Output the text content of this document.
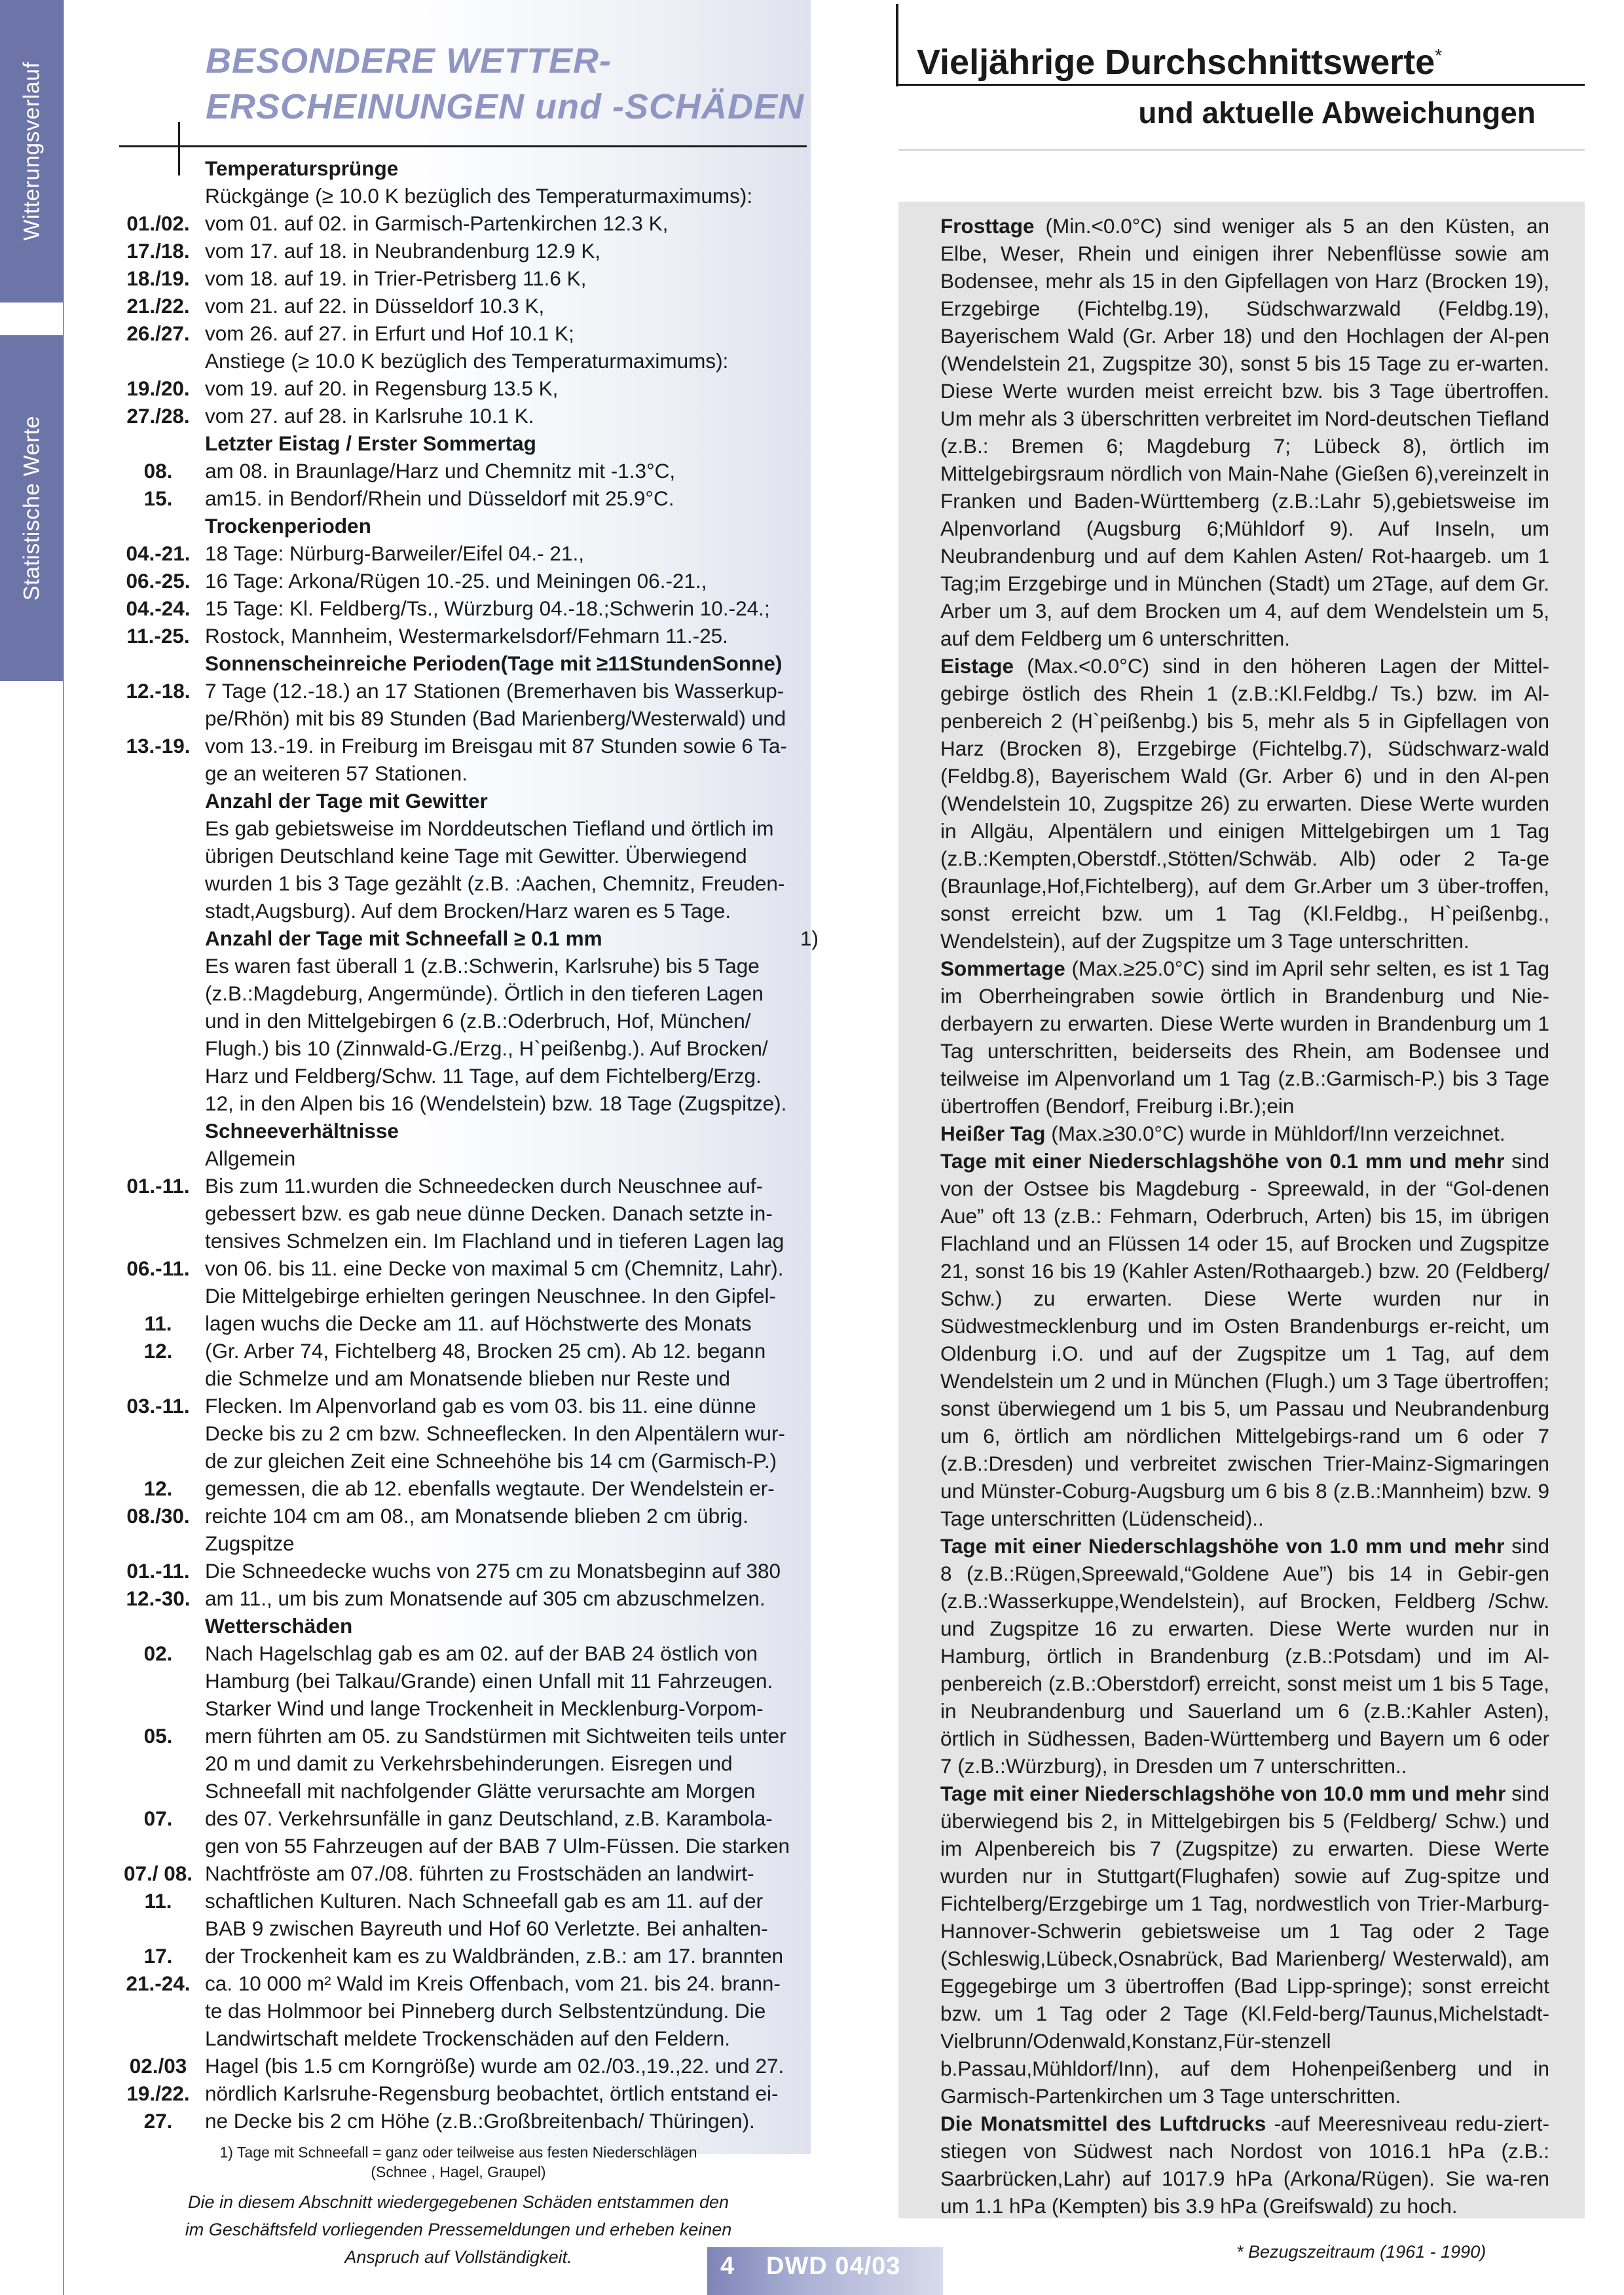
Witterungsverlauf
Statistische Werte
BESONDERE WETTER-
ERSCHEINUNGEN und -SCHÄDEN
Temperatursprünge
Rückgänge (≥ 10.0 K bezüglich des Temperaturmaximums):
01./02. vom 01. auf 02. in Garmisch-Partenkirchen 12.3 K,
17./18. vom 17. auf 18. in Neubrandenburg 12.9 K,
18./19. vom 18. auf 19. in Trier-Petrisberg 11.6 K,
21./22. vom 21. auf 22. in Düsseldorf 10.3 K,
26./27. vom 26. auf 27. in Erfurt und Hof 10.1 K;
Anstiege (≥ 10.0 K bezüglich des Temperaturmaximums):
19./20. vom 19. auf 20. in Regensburg 13.5 K,
27./28. vom 27. auf 28. in Karlsruhe 10.1 K.
Letzter Eistag / Erster Sommertag
08.	am 08. in Braunlage/Harz und Chemnitz mit -1.3°C,
15.	am15. in Bendorf/Rhein und Düsseldorf mit 25.9°C.
Trockenperioden
04.-21. 18 Tage: Nürburg-Barweiler/Eifel 04.- 21.,
06.-25. 16 Tage: Arkona/Rügen 10.-25. und Meiningen 06.-21.,
04.-24. 15 Tage: Kl. Feldberg/Ts., Würzburg 04.-18.;Schwerin 10.-24.;
11.-25. Rostock, Mannheim, Westermarkelsdorf/Fehmarn 11.-25.
Sonnenscheinreiche Perioden(Tage mit ≥11StundenSonne)
12.-18. 7 Tage (12.-18.) an 17 Stationen (Bremerhaven bis Wasserkup-
pe/Rhön) mit bis 89 Stunden (Bad Marienberg/Westerwald) und
13.-19. vom 13.-19. in Freiburg im Breisgau mit 87 Stunden sowie 6 Ta-
ge an weiteren 57 Stationen.
Anzahl der Tage mit Gewitter
Es gab gebietsweise im Norddeutschen Tiefland und örtlich im
übrigen Deutschland keine Tage mit Gewitter. Überwiegend
wurden 1 bis 3 Tage gezählt (z.B. :Aachen, Chemnitz, Freuden-
stadt,Augsburg). Auf dem Brocken/Harz waren es 5 Tage.
Anzahl der Tage mit Schneefall ≥ 0.1 mm	1)
Es waren fast überall 1 (z.B.:Schwerin, Karlsruhe) bis 5 Tage
(z.B.:Magdeburg, Angermünde). Örtlich in den tieferen Lagen
und in den Mittelgebirgen 6 (z.B.:Oderbruch, Hof, München/
Flugh.) bis 10 (Zinnwald-G./Erzg., H`peißenbg.). Auf Brocken/
Harz und Feldberg/Schw. 11 Tage, auf dem Fichtelberg/Erzg.
12, in den Alpen bis 16 (Wendelstein) bzw. 18 Tage (Zugspitze).
Schneeverhältnisse
Allgemein
01.-11. Bis zum 11.wurden die Schneedecken durch Neuschnee auf-
gebessert bzw. es gab neue dünne Decken. Danach setzte in-
tensives Schmelzen ein. Im Flachland und in tieferen Lagen lag
06.-11. von 06. bis 11. eine Decke von maximal 5 cm (Chemnitz, Lahr).
Die Mittelgebirge erhielten geringen Neuschnee. In den Gipfel-
11.	lagen wuchs die Decke am 11. auf Höchstwerte des Monats
12.	(Gr. Arber 74, Fichtelberg 48, Brocken 25 cm). Ab 12. begann
die Schmelze und am Monatsende blieben nur Reste und
03.-11. Flecken. Im Alpenvorland gab es vom 03. bis 11. eine dünne
Decke bis zu 2 cm bzw. Schneeflecken. In den Alpentälern wur-
de zur gleichen Zeit eine Schneehöhe bis 14 cm (Garmisch-P.)
12.	gemessen, die ab 12. ebenfalls wegtaute. Der Wendelstein er-
08./30. reichte 104 cm am 08., am Monatsende blieben 2 cm übrig.
Zugspitze
01.-11. Die Schneedecke wuchs von 275 cm zu Monatsbeginn auf 380
12.-30. am 11., um bis zum Monatsende auf 305 cm abzuschmelzen.
Wetterschäden
02.	Nach Hagelschlag gab es am 02. auf der BAB 24 östlich von
Hamburg (bei Talkau/Grande) einen Unfall mit 11 Fahrzeugen.
Starker Wind und lange Trockenheit in Mecklenburg-Vorpom-
05.	mern führten am 05. zu Sandstürmen mit Sichtweiten teils unter
20 m und damit zu Verkehrsbehinderungen. Eisregen und
Schneefall mit nachfolgender Glätte verursachte am Morgen
07.	des 07. Verkehrsunfälle in ganz Deutschland, z.B. Karambola-
gen von 55 Fahrzeugen auf der BAB 7 Ulm-Füssen. Die starken
07./ 08. Nachtfröste am 07./08. führten zu Frostschäden an landwirt-
11.	schaftlichen Kulturen. Nach Schneefall gab es am 11. auf der
BAB 9 zwischen Bayreuth und Hof 60 Verletzte. Bei anhalten-
17.	der Trockenheit kam es zu Waldbränden, z.B.: am 17. brannten
21.-24. ca. 10 000 m² Wald im Kreis Offenbach, vom 21. bis 24. brann-
te das Holmmoor bei Pinneberg durch Selbstentzündung. Die
Landwirtschaft meldete Trockenschäden auf den Feldern.
02./03 Hagel (bis 1.5 cm Korngröße) wurde am 02./03.,19.,22. und 27.
19./22. nördlich Karlsruhe-Regensburg beobachtet, örtlich entstand ei-
27.	ne Decke bis 2 cm Höhe (z.B.:Großbreitenbach/ Thüringen).
1) Tage mit Schneefall = ganz oder teilweise aus festen Niederschlägen
(Schnee , Hagel, Graupel)
Die in diesem Abschnitt wiedergegebenen Schäden entstammen den
im Geschäftsfeld vorliegenden Pressemeldungen und erheben keinen
Anspruch auf Vollständigkeit.
Vieljährige Durchschnittswerte*
und aktuelle Abweichungen
Frosttage (Min.<0.0°C) sind weniger als 5 an den Küsten, an Elbe, Weser, Rhein und einigen ihrer Nebenflüsse sowie am Bodensee, mehr als 15 in den Gipfellagen von Harz (Brocken 19), Erzgebirge (Fichtelbg.19), Südschwarzwald (Feldbg.19), Bayerischem Wald (Gr. Arber 18) und den Hochlagen der Al-pen (Wendelstein 21, Zugspitze 30), sonst 5 bis 15 Tage zu er-warten. Diese Werte wurden meist erreicht bzw. bis 3 Tage übertroffen. Um mehr als 3 überschritten verbreitet im Nord-deutschen Tiefland (z.B.: Bremen 6; Magdeburg 7; Lübeck 8), örtlich im Mittelgebirgsraum nördlich von Main-Nahe (Gießen 6),vereinzelt in Franken und Baden-Württemberg (z.B.:Lahr 5),gebietsweise im Alpenvorland (Augsburg 6;Mühldorf 9). Auf Inseln, um Neubrandenburg und auf dem Kahlen Asten/ Rot-haargeb. um 1 Tag;im Erzgebirge und in München (Stadt) um 2Tage, auf dem Gr. Arber um 3, auf dem Brocken um 4, auf dem Wendelstein um 5, auf dem Feldberg um 6 unterschritten.
Eistage (Max.<0.0°C) sind in den höheren Lagen der Mittel-gebirge östlich des Rhein 1 (z.B.:Kl.Feldbg./ Ts.) bzw. im Al-penbereich 2 (H`peißenbg.) bis 5, mehr als 5 in Gipfellagen von Harz (Brocken 8), Erzgebirge (Fichtelbg.7), Südschwarz-wald (Feldbg.8), Bayerischem Wald (Gr. Arber 6) und in den Al-pen (Wendelstein 10, Zugspitze 26) zu erwarten. Diese Werte wurden in Allgäu, Alpentälern und einigen Mittelgebirgen um 1 Tag (z.B.:Kempten,Oberstdf.,Stötten/Schwäb. Alb) oder 2 Ta-ge (Braunlage,Hof,Fichtelberg), auf dem Gr.Arber um 3 über-troffen, sonst erreicht bzw. um 1 Tag (Kl.Feldbg., H`peißenbg., Wendelstein), auf der Zugspitze um 3 Tage unterschritten.
Sommertage (Max.≥25.0°C) sind im April sehr selten, es ist 1 Tag im Oberrheingraben sowie örtlich in Brandenburg und Nie-derbayern zu erwarten. Diese Werte wurden in Brandenburg um 1 Tag unterschritten, beiderseits des Rhein, am Bodensee und teilweise im Alpenvorland um 1 Tag (z.B.:Garmisch-P.) bis 3 Tage übertroffen (Bendorf, Freiburg i.Br.);ein
Heißer Tag (Max.≥30.0°C) wurde in Mühldorf/Inn verzeichnet.
Tage mit einer Niederschlagshöhe von 0.1 mm und mehr sind von der Ostsee bis Magdeburg - Spreewald, in der “Gol-denen Aue” oft 13 (z.B.: Fehmarn, Oderbruch, Arten) bis 15, im übrigen Flachland und an Flüssen 14 oder 15, auf Brocken und Zugspitze 21, sonst 16 bis 19 (Kahler Asten/Rothaargeb.) bzw. 20 (Feldberg/ Schw.) zu erwarten. Diese Werte wurden nur in Südwestmecklenburg und im Osten Brandenburgs er-reicht, um Oldenburg i.O. und auf der Zugspitze um 1 Tag, auf dem Wendelstein um 2 und in München (Flugh.) um 3 Tage übertroffen; sonst überwiegend um 1 bis 5, um Passau und Neubrandenburg um 6, örtlich am nördlichen Mittelgebirgs-rand um 6 oder 7 (z.B.:Dresden) und verbreitet zwischen Trier-Mainz-Sigmaringen und Münster-Coburg-Augsburg um 6 bis 8 (z.B.:Mannheim) bzw. 9 Tage unterschritten (Lüdenscheid)..
Tage mit einer Niederschlagshöhe von 1.0 mm und mehr sind 8 (z.B.:Rügen,Spreewald,“Goldene Aue”) bis 14 in Gebir-gen (z.B.:Wasserkuppe,Wendelstein), auf Brocken, Feldberg /Schw. und Zugspitze 16 zu erwarten. Diese Werte wurden nur in Hamburg, örtlich in Brandenburg (z.B.:Potsdam) und im Al-penbereich (z.B.:Oberstdorf) erreicht, sonst meist um 1 bis 5 Tage, in Neubrandenburg und Sauerland um 6 (z.B.:Kahler Asten), örtlich in Südhessen, Baden-Württemberg und Bayern um 6 oder 7 (z.B.:Würzburg), in Dresden um 7 unterschritten..
Tage mit einer Niederschlagshöhe von 10.0 mm und mehr sind überwiegend bis 2, in Mittelgebirgen bis 5 (Feldberg/ Schw.) und im Alpenbereich bis 7 (Zugspitze) zu erwarten. Diese Werte wurden nur in Stuttgart(Flughafen) sowie auf Zug-spitze und Fichtelberg/Erzgebirge um 1 Tag, nordwestlich von Trier-Marburg-Hannover-Schwerin gebietsweise um 1 Tag oder 2 Tage (Schleswig,Lübeck,Osnabrück, Bad Marienberg/ Westerwald), am Eggegebirge um 3 übertroffen (Bad Lipp-springe); sonst erreicht bzw. um 1 Tag oder 2 Tage (Kl.Feld-berg/Taunus,Michelstadt-Vielbrunn/Odenwald,Konstanz,Für-stenzell b.Passau,Mühldorf/Inn), auf dem Hohenpeißenberg und in Garmisch-Partenkirchen um 3 Tage unterschritten.
Die Monatsmittel des Luftdrucks -auf Meeresniveau redu-ziert- stiegen von Südwest nach Nordost von 1016.1 hPa (z.B.: Saarbrücken,Lahr) auf 1017.9 hPa (Arkona/Rügen). Sie wa-ren um 1.1 hPa (Kempten) bis 3.9 hPa (Greifswald) zu hoch.
* Bezugszeitraum (1961 - 1990)
4 DWD 04/03
